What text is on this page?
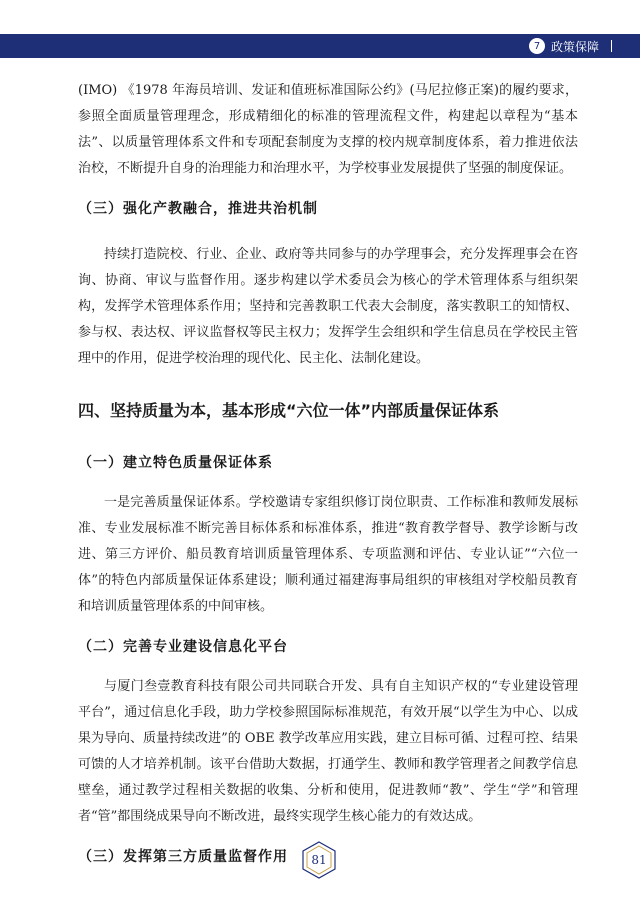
7 政策保障

(IMO) 《1978 年海员培训、发证和值班标准国际公约》(马尼拉修正案)的履约要求，参照全面质量管理理念，形成精细化的标准的管理流程文件，构建起以章程为“基本法”、以质量管理体系文件和专项配套制度为支撑的校内规章制度体系，着力推进依法治校，不断提升自身的治理能力和治理水平，为学校事业发展提供了坚强的制度保证。

（三）强化产教融合，推进共治机制

持续打造院校、行业、企业、政府等共同参与的办学理事会，充分发挥理事会在咨询、协商、审议与监督作用。逐步构建以学术委员会为核心的学术管理体系与组织架构，发挥学术管理体系作用；坚持和完善教职工代表大会制度，落实教职工的知情权、参与权、表达权、评议监督权等民主权力；发挥学生会组织和学生信息员在学校民主管理中的作用，促进学校治理的现代化、民主化、法制化建设。

四、坚持质量为本，基本形成“六位一体”内部质量保证体系
（一）建立特色质量保证体系

一是完善质量保证体系。学校邀请专家组织修订岗位职责、工作标准和教师发展标准、专业发展标准不断完善目标体系和标准体系，推进“教育教学督导、教学诊断与改进、第三方评价、船员教育培训质量管理体系、专项监测和评估、专业认证”“六位一体”的特色内部质量保证体系建设；顺利通过福建海事局组织的审核组对学校船员教育和培训质量管理体系的中间审核。

（二）完善专业建设信息化平台

与厦门叁壹教育科技有限公司共同联合开发、具有自主知识产权的“专业建设管理平台”，通过信息化手段，助力学校参照国际标准规范，有效开展“以学生为中心、以成果为导向、质量持续改进”的 OBE 教学改革应用实践，建立目标可循、过程可控、结果可馈的人才培养机制。该平台借助大数据，打通学生、教师和教学管理者之间教学信息壁垒，通过教学过程相关数据的收集、分析和使用，促进教师“教”、学生“学”和管理者“管”都围绕成果导向不断改进，最终实现学生核心能力的有效达成。

（三）发挥第三方质量监督作用	81
